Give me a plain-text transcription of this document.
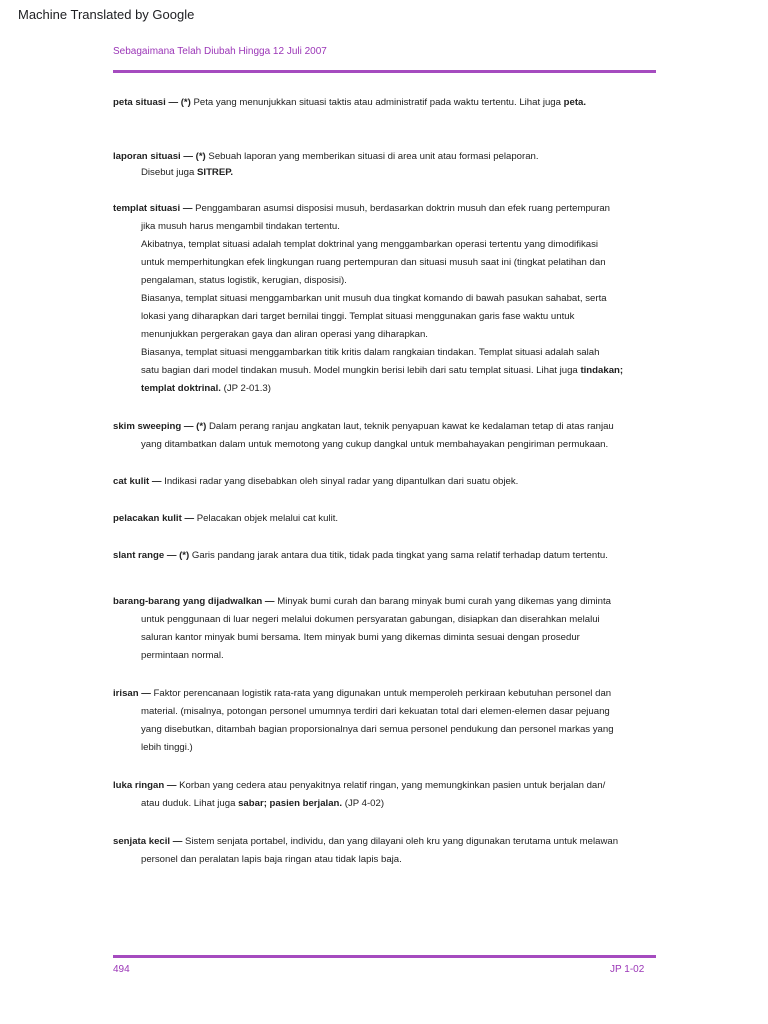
Machine Translated by Google
Sebagaimana Telah Diubah Hingga 12 Juli 2007
peta situasi — (*) Peta yang menunjukkan situasi taktis atau administratif pada waktu tertentu. Lihat juga peta.
laporan situasi — (*) Sebuah laporan yang memberikan situasi di area unit atau formasi pelaporan.
Disebut juga SITREP.
templat situasi — Penggambaran asumsi disposisi musuh, berdasarkan doktrin musuh dan efek ruang pertempuran
jika musuh harus mengambil tindakan tertentu.
Akibatnya, templat situasi adalah templat doktrinal yang menggambarkan operasi tertentu yang dimodifikasi
untuk memperhitungkan efek lingkungan ruang pertempuran dan situasi musuh saat ini (tingkat pelatihan dan
pengalaman, status logistik, kerugian, disposisi).
Biasanya, templat situasi menggambarkan unit musuh dua tingkat komando di bawah pasukan sahabat, serta
lokasi yang diharapkan dari target bernilai tinggi. Templat situasi menggunakan garis fase waktu untuk
menunjukkan pergerakan gaya dan aliran operasi yang diharapkan.
Biasanya, templat situasi menggambarkan titik kritis dalam rangkaian tindakan. Templat situasi adalah salah
satu bagian dari model tindakan musuh. Model mungkin berisi lebih dari satu templat situasi. Lihat juga tindakan;
templat doktrinal. (JP 2-01.3)
skim sweeping — (*) Dalam perang ranjau angkatan laut, teknik penyapuan kawat ke kedalaman tetap di atas ranjau
yang ditambatkan dalam untuk memotong yang cukup dangkal untuk membahayakan pengiriman permukaan.
cat kulit — Indikasi radar yang disebabkan oleh sinyal radar yang dipantulkan dari suatu objek.
pelacakan kulit — Pelacakan objek melalui cat kulit.
slant range — (*) Garis pandang jarak antara dua titik, tidak pada tingkat yang sama relatif terhadap datum tertentu.
barang-barang yang dijadwalkan — Minyak bumi curah dan barang minyak bumi curah yang dikemas yang diminta
untuk penggunaan di luar negeri melalui dokumen persyaratan gabungan, disiapkan dan diserahkan melalui
saluran kantor minyak bumi bersama. Item minyak bumi yang dikemas diminta sesuai dengan prosedur
permintaan normal.
irisan — Faktor perencanaan logistik rata-rata yang digunakan untuk memperoleh perkiraan kebutuhan personel dan
material. (misalnya, potongan personel umumnya terdiri dari kekuatan total dari elemen-elemen dasar pejuang
yang disebutkan, ditambah bagian proporsionalnya dari semua personel pendukung dan personel markas yang
lebih tinggi.)
luka ringan — Korban yang cedera atau penyakitnya relatif ringan, yang memungkinkan pasien untuk berjalan dan/
atau duduk. Lihat juga sabar; pasien berjalan. (JP 4-02)
senjata kecil — Sistem senjata portabel, individu, dan yang dilayani oleh kru yang digunakan terutama untuk melawan
personel dan peralatan lapis baja ringan atau tidak lapis baja.
494	JP 1-02
